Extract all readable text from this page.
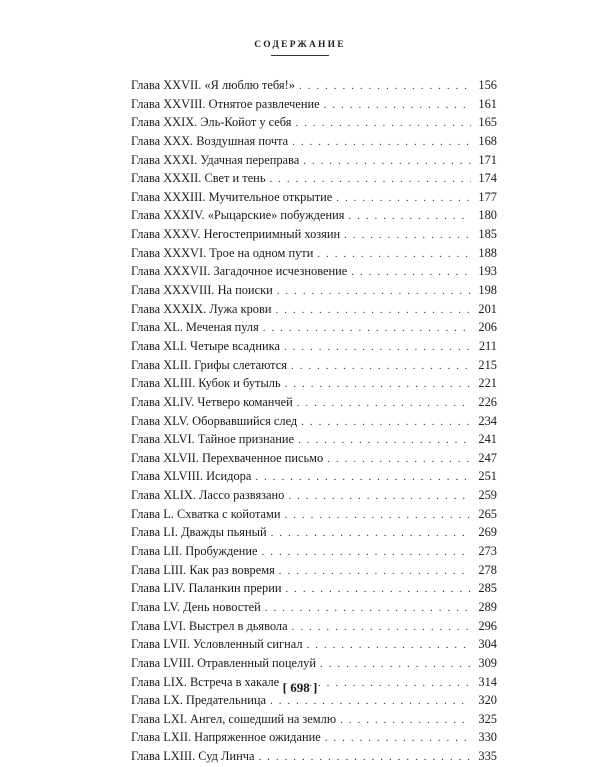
СОДЕРЖАНИЕ
Глава XXVII. «Я люблю тебя!» . . .	156
Глава XXVIII. Отнятое развлечение . . .	161
Глава XXIX. Эль-Койот у себя . . .	165
Глава XXX. Воздушная почта . . .	168
Глава XXXI. Удачная переправа . . .	171
Глава XXXII. Свет и тень . . .	174
Глава XXXIII. Мучительное открытие . . .	177
Глава XXXIV. «Рыцарские» побуждения . . .	180
Глава XXXV. Негостеприимный хозяин . . .	185
Глава XXXVI. Трое на одном пути . . .	188
Глава XXXVII. Загадочное исчезновение . . .	193
Глава XXXVIII. На поиски . . .	198
Глава XXXIX. Лужа крови . . .	201
Глава XL. Меченая пуля . . .	206
Глава XLI. Четыре всадника . . .	211
Глава XLII. Грифы слетаются . . .	215
Глава XLIII. Кубок и бутыль . . .	221
Глава XLIV. Четверо команчей . . .	226
Глава XLV. Оборвавшийся след . . .	234
Глава XLVI. Тайное признание . . .	241
Глава XLVII. Перехваченное письмо . . .	247
Глава XLVIII. Исидора . . .	251
Глава XLIX. Лассо развязано . . .	259
Глава L. Схватка с койотами . . .	265
Глава LI. Дважды пьяный . . .	269
Глава LII. Пробуждение . . .	273
Глава LIII. Как раз вовремя . . .	278
Глава LIV. Паланкин прерии . . .	285
Глава LV. День новостей . . .	289
Глава LVI. Выстрел в дьявола . . .	296
Глава LVII. Условленный сигнал . . .	304
Глава LVIII. Отравленный поцелуй . . .	309
Глава LIX. Встреча в хакале . . .	314
Глава LX. Предательница . . .	320
Глава LXI. Ангел, сошедший на землю . . .	325
Глава LXII. Напряженное ожидание . . .	330
Глава LXIII. Суд Линча . . .	335
[ 698 ]
